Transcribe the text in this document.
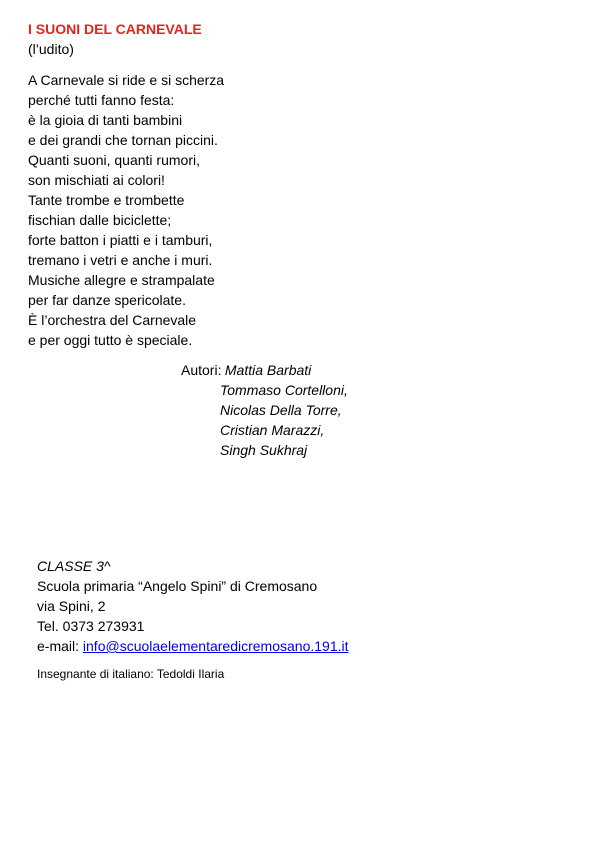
I SUONI DEL CARNEVALE
(l’udito)
A Carnevale si ride e si scherza
perché tutti fanno festa:
è la gioia di tanti bambini
e dei grandi che tornan piccini.
Quanti suoni, quanti rumori,
son mischiati ai colori!
Tante trombe e trombette
fischian dalle biciclette;
forte batton i piatti e i tamburi,
tremano i vetri e anche i muri.
Musiche allegre e strampalate
per far danze spericolate.
È l’orchestra del Carnevale
e per oggi tutto è speciale.
Autori: Mattia Barbati
Tommaso Cortelloni,
Nicolas Della Torre,
Cristian Marazzi,
Singh Sukhraj
CLASSE 3^
Scuola primaria “Angelo Spini” di Cremosano
via Spini, 2
Tel. 0373 273931
e-mail: info@scuolaelementaredicremosano.191.it
Insegnante di italiano: Tedoldi Ilaria
